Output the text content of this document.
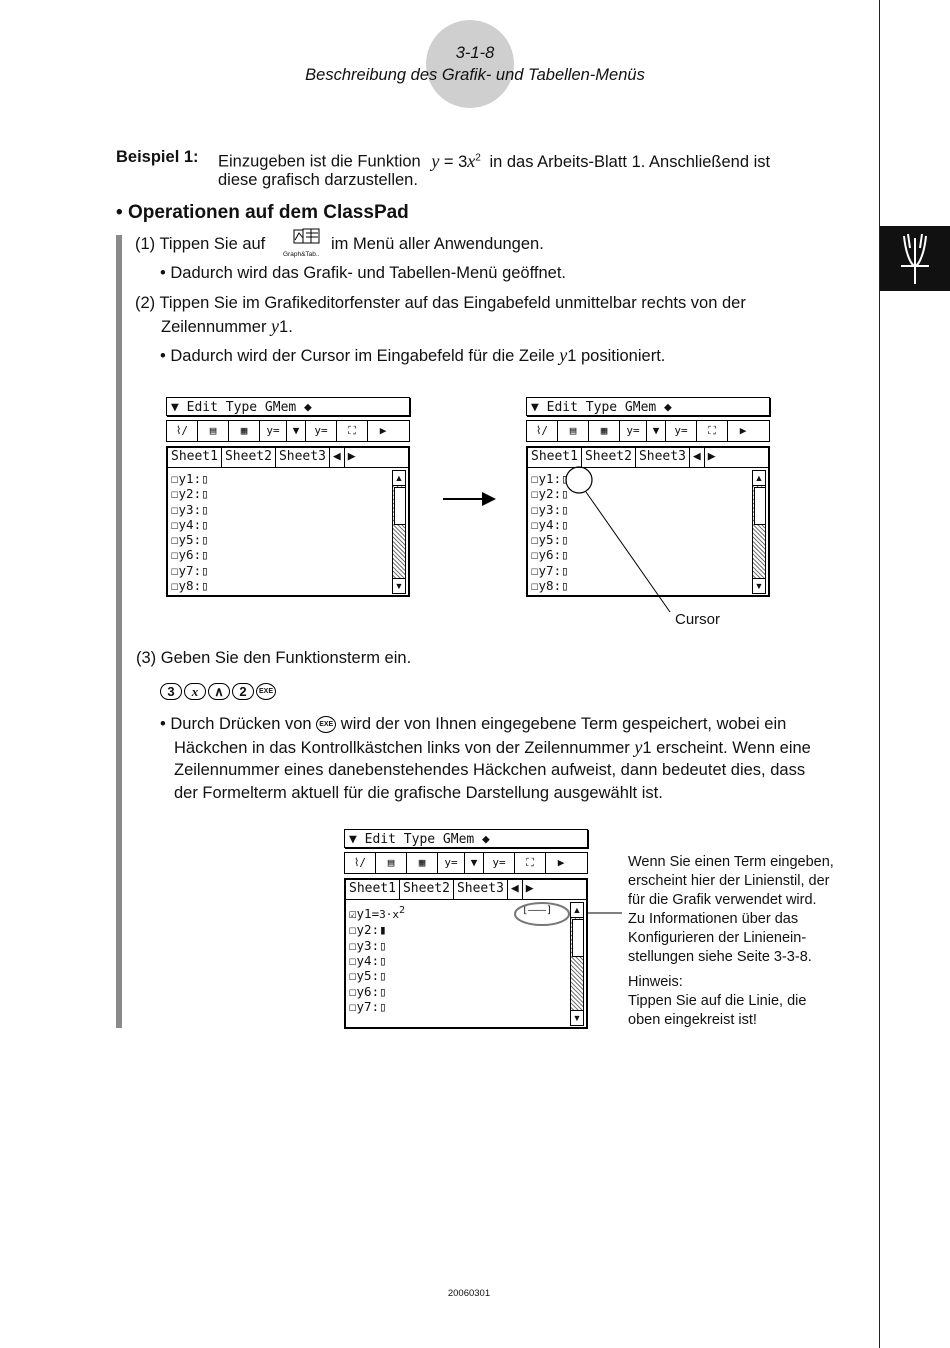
3-1-8
Beschreibung des Grafik- und Tabellen-Menüs
Beispiel 1: Einzugeben ist die Funktion $y = 3x^2$ in das Arbeits-Blatt 1. Anschließend ist
diese grafisch darzustellen.
• Operationen auf dem ClassPad
(1) Tippen Sie auf
Graph&Tab..
im Menü aller Anwendungen.
• Dadurch wird das Grafik- und Tabellen-Menü geöffnet.
(2) Tippen Sie im Grafikeditorfenster auf das Eingabefeld unmittelbar rechts von der
Zeilennummer y1.
• Dadurch wird der Cursor im Eingabefeld für die Zeile y1 positioniert.
▼ Edit Type GMem ◆
⌇∕	▤	▦	y=	▼	y=	⛶	▶
Sheet1 Sheet2 Sheet3 ◀ ▶
☐y1:▯
☐y2:▯
☐y3:▯
☐y4:▯
☐y5:▯
☐y6:▯
☐y7:▯
☐y8:▯
▲
▼
▼ Edit Type GMem ◆
⌇∕	▤	▦	y=	▼	y=	⛶	▶
Sheet1 Sheet2 Sheet3 ◀ ▶
☐y1:▯
☐y2:▯
☐y3:▯
☐y4:▯
☐y5:▯
☐y6:▯
☐y7:▯
☐y8:▯
▲
▼
Cursor
(3) Geben Sie den Funktionsterm ein.
3 x ∧ 2 EXE
• Durch Drücken von EXE wird der von Ihnen eingegebene Term gespeichert, wobei ein
Häckchen in das Kontrollkästchen links von der Zeilennummer y1 erscheint. Wenn eine
Zeilennummer eines danebenstehendes Häckchen aufweist, dann bedeutet dies, dass
der Formelterm aktuell für die grafische Darstellung ausgewählt ist.
▼ Edit Type GMem ◆
⌇∕	▤	▦	y=	▼	y=	⛶	▶
Sheet1 Sheet2 Sheet3 ◀ ▶
$☑y1=3\cdot x^2$
☐y2:▮
☐y3:▯
☐y4:▯
☐y5:▯
☐y6:▯
☐y7:▯
[———] ▲
▼
Wenn Sie einen Term eingeben,
erscheint hier der Linienstil, der
für die Grafik verwendet wird.
Zu Informationen über das
Konfigurieren der Linienein-
stellungen siehe Seite 3-3-8.
Hinweis:
Tippen Sie auf die Linie, die
oben eingekreist ist!
20060301
